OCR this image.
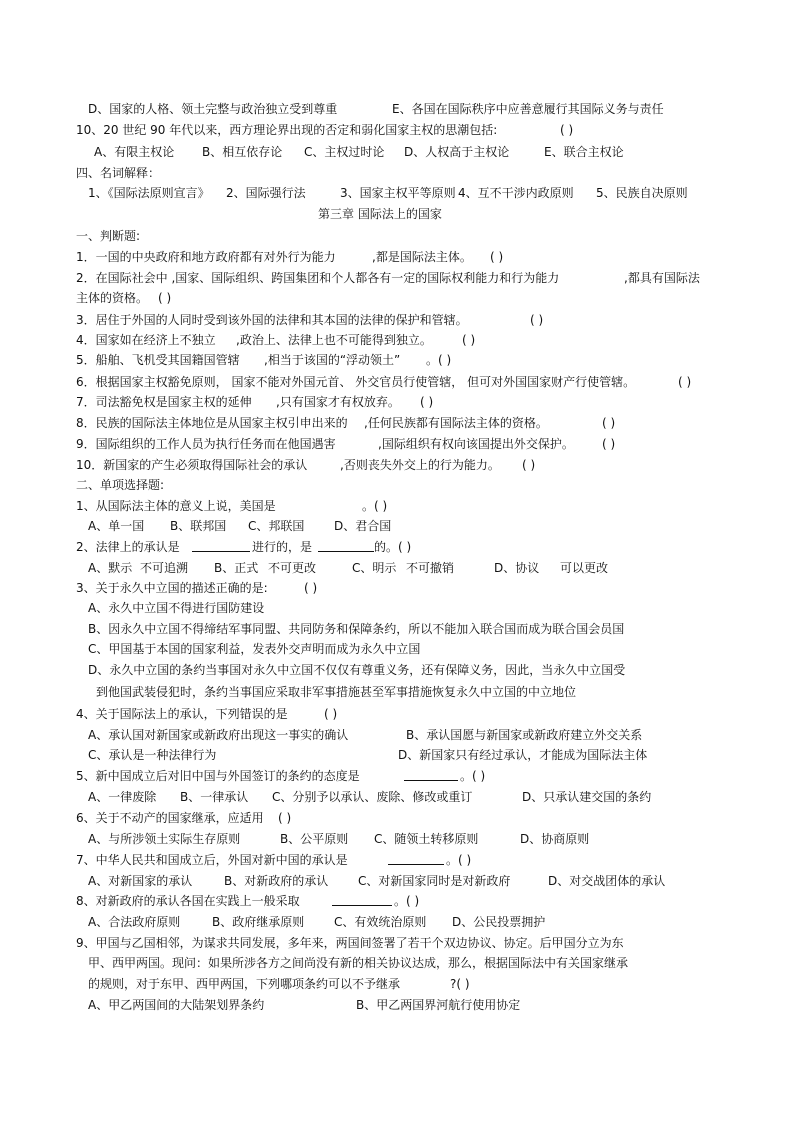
D、国家的人格、领土完整与政治独立受到尊重	E、各国在国际秩序中应善意履行其国际义务与责任
10、20 世纪 90 年代以来，西方理论界出现的否定和弱化国家主权的思潮包括:	( )
A、有限主权论 B、相互依存论 C、主权过时论 D、人权高于主权论	E、联合主权论
四、名词解释：
1、《国际法原则宣言》 2、国际强行法	3、国家主权平等原则 4、互不干涉内政原则 5、民族自决原则
第三章 国际法上的国家
一、判断题:
1．一国的中央政府和地方政府都有对外行为能力	,都是国际法主体。 ( )
2．在国际社会中 ,国家、国际组织、跨国集团和个人都各有一定的国际权利能力和行为能力	,都具有国际法
主体的资格。 ( )
3．居住于外国的人同时受到该外国的法律和其本国的法律的保护和管辖。	( )
4．国家如在经济上不独立 ,政治上、法律上也不可能得到独立。	( )
5．船舶、飞机受其国籍国管辖 ,相当于该国的“浮动领土” 。( )
6．根据国家主权豁免原则， 国家不能对外国元首、 外交官员行使管辖， 但可对外国国家财产行使管辖。	( )
7．司法豁免权是国家主权的延伸 ,只有国家才有权放弃。 ( )
8．民族的国际法主体地位是从国家主权引申出来的 ,任何民族都有国际法主体的资格。	( )
9．国际组织的工作人员为执行任务而在他国遇害	,国际组织有权向该国提出外交保护。 ( )
10．新国家的产生必须取得国际社会的承认	,否则丧失外交上的行为能力。 ( )
二、单项选择题:
1、从国际法主体的意义上说，美国是	。( )
A、单一国 B、联邦国 C、邦联国 D、君合国
2、法律上的承认是	进行的，是	的。( )
A、默示 不可追溯 B、正式 不可更改	C、明示 不可撤销	D、协议 可以更改
3、关于永久中立国的描述正确的是:	( )
A、永久中立国不得进行国防建设
B、因永久中立国不得缔结军事同盟、共同防务和保障条约，所以不能加入联合国而成为联合国会员国
C、甲国基于本国的国家利益，发表外交声明而成为永久中立国
D、永久中立国的条约当事国对永久中立国不仅仅有尊重义务，还有保障义务，因此，当永久中立国受
到他国武装侵犯时，条约当事国应采取非军事措施甚至军事措施恢复永久中立国的中立地位
4、关于国际法上的承认，下列错误的是	( )
A、承认国对新国家或新政府出现这一事实的确认	B、承认国愿与新国家或新政府建立外交关系
C、承认是一种法律行为	D、新国家只有经过承认，才能成为国际法主体
5、新中国成立后对旧中国与外国签订的条约的态度是	。( )
A、一律废除 B、一律承认 C、分别予以承认、废除、修改或重订	D、只承认建交国的条约
6、关于不动产的国家继承，应适用 ( )
A、与所涉领土实际生存原则	B、公平原则 C、随领土转移原则	D、协商原则
7、中华人民共和国成立后，外国对新中国的承认是	。( )
A、对新国家的承认	B、对新政府的承认 C、对新国家同时是对新政府	D、对交战团体的承认
8、对新政府的承认各国在实践上一般采取	。( )
A、合法政府原则	B、政府继承原则 C、有效统治原则 D、公民投票拥护
9、甲国与乙国相邻，为谋求共同发展，多年来，两国间签署了若干个双边协议、协定。后甲国分立为东
甲、西甲两国。现问：如果所涉各方之间尚没有新的相关协议达成，那么，根据国际法中有关国家继承
的规则，对于东甲、西甲两国，下列哪项条约可以不予继承	?( )
A、甲乙两国间的大陆架划界条约	B、甲乙两国界河航行使用协定
